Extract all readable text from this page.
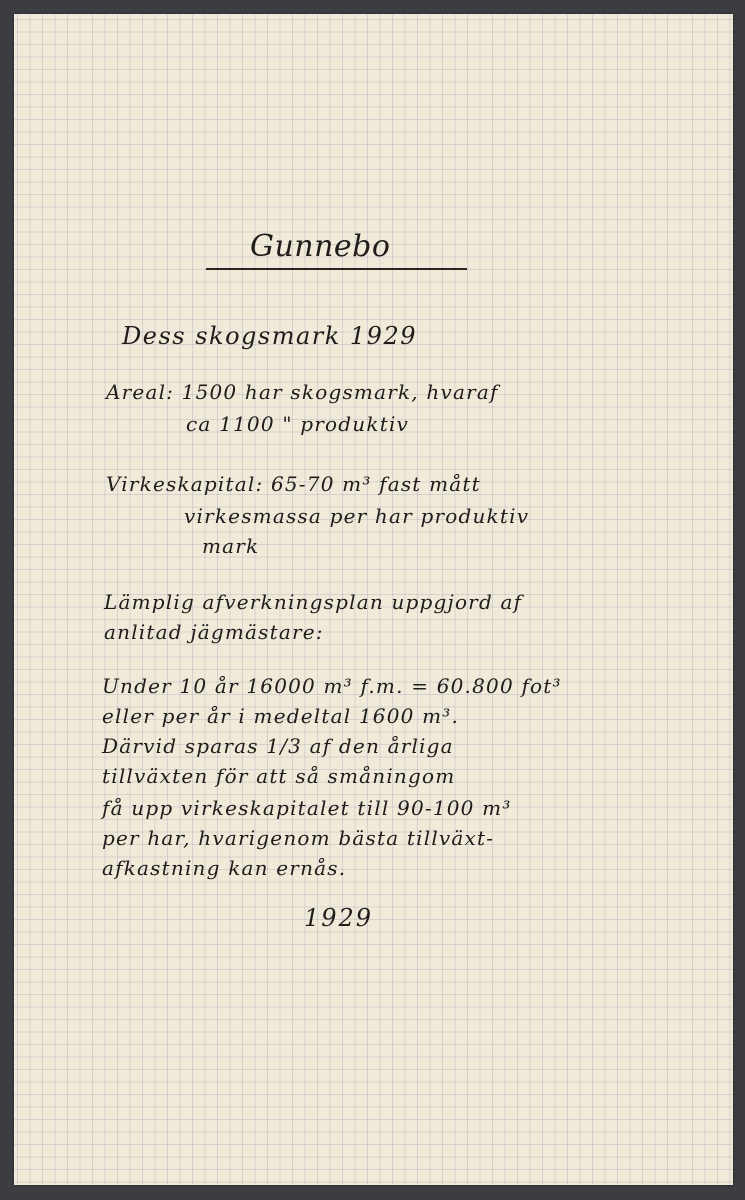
Gunnebo
Dess skogsmark 1929
Areal: 1500 har skogsmark, hvaraf
ca 1100 " produktiv
Virkeskapital: 65-70 m³ fast mått
virkesmassa per har produktiv
mark
Lämplig afverkningsplan uppgjord af
anlitad jägmästare:
Under 10 år 16000 m³ f.m. = 60.800 fot³
eller per år i medeltal 1600 m³.
Därvid sparas 1/3 af den årliga
tillväxten för att så småningom
få upp virkeskapitalet till 90-100 m³
per har, hvarigenom bästa tillväxt-
afkastning kan ernås.
1929
